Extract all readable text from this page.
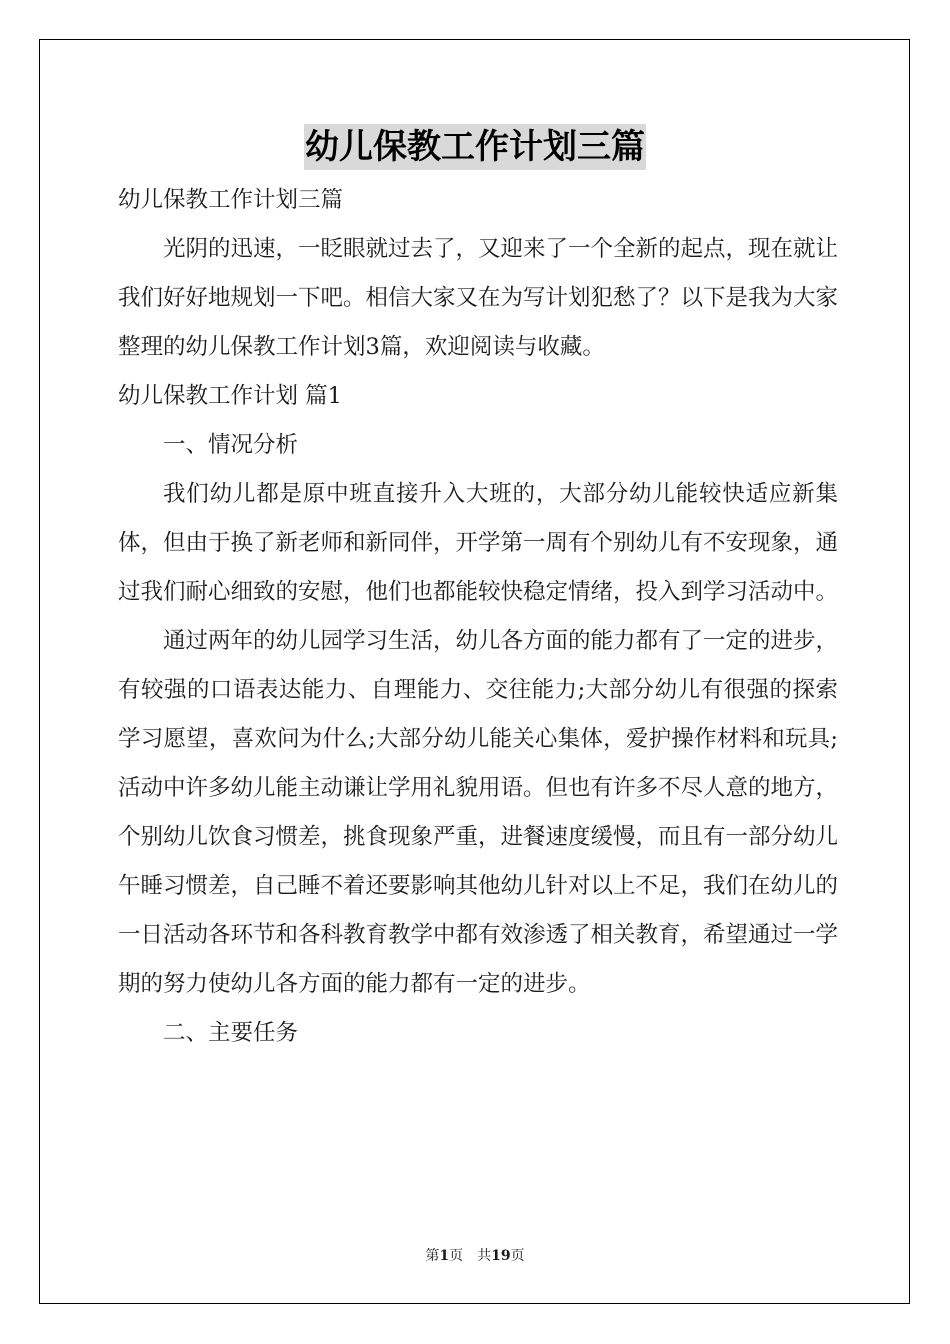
幼儿保教工作计划三篇

幼儿保教工作计划三篇

光阴的迅速，一眨眼就过去了，又迎来了一个全新的起点，现在就让我们好好地规划一下吧。相信大家又在为写计划犯愁了？以下是我为大家整理的幼儿保教工作计划3篇，欢迎阅读与收藏。

幼儿保教工作计划 篇1

一、情况分析

我们幼儿都是原中班直接升入大班的，大部分幼儿能较快适应新集体，但由于换了新老师和新同伴，开学第一周有个别幼儿有不安现象，通过我们耐心细致的安慰，他们也都能较快稳定情绪，投入到学习活动中。

通过两年的幼儿园学习生活，幼儿各方面的能力都有了一定的进步，有较强的口语表达能力、自理能力、交往能力;大部分幼儿有很强的探索学习愿望，喜欢问为什么;大部分幼儿能关心集体，爱护操作材料和玩具;活动中许多幼儿能主动谦让学用礼貌用语。但也有许多不尽人意的地方，个别幼儿饮食习惯差，挑食现象严重，进餐速度缓慢，而且有一部分幼儿午睡习惯差，自己睡不着还要影响其他幼儿针对以上不足，我们在幼儿的一日活动各环节和各科教育教学中都有效渗透了相关教育，希望通过一学期的努力使幼儿各方面的能力都有一定的进步。

二、主要任务

第1页 共19页
